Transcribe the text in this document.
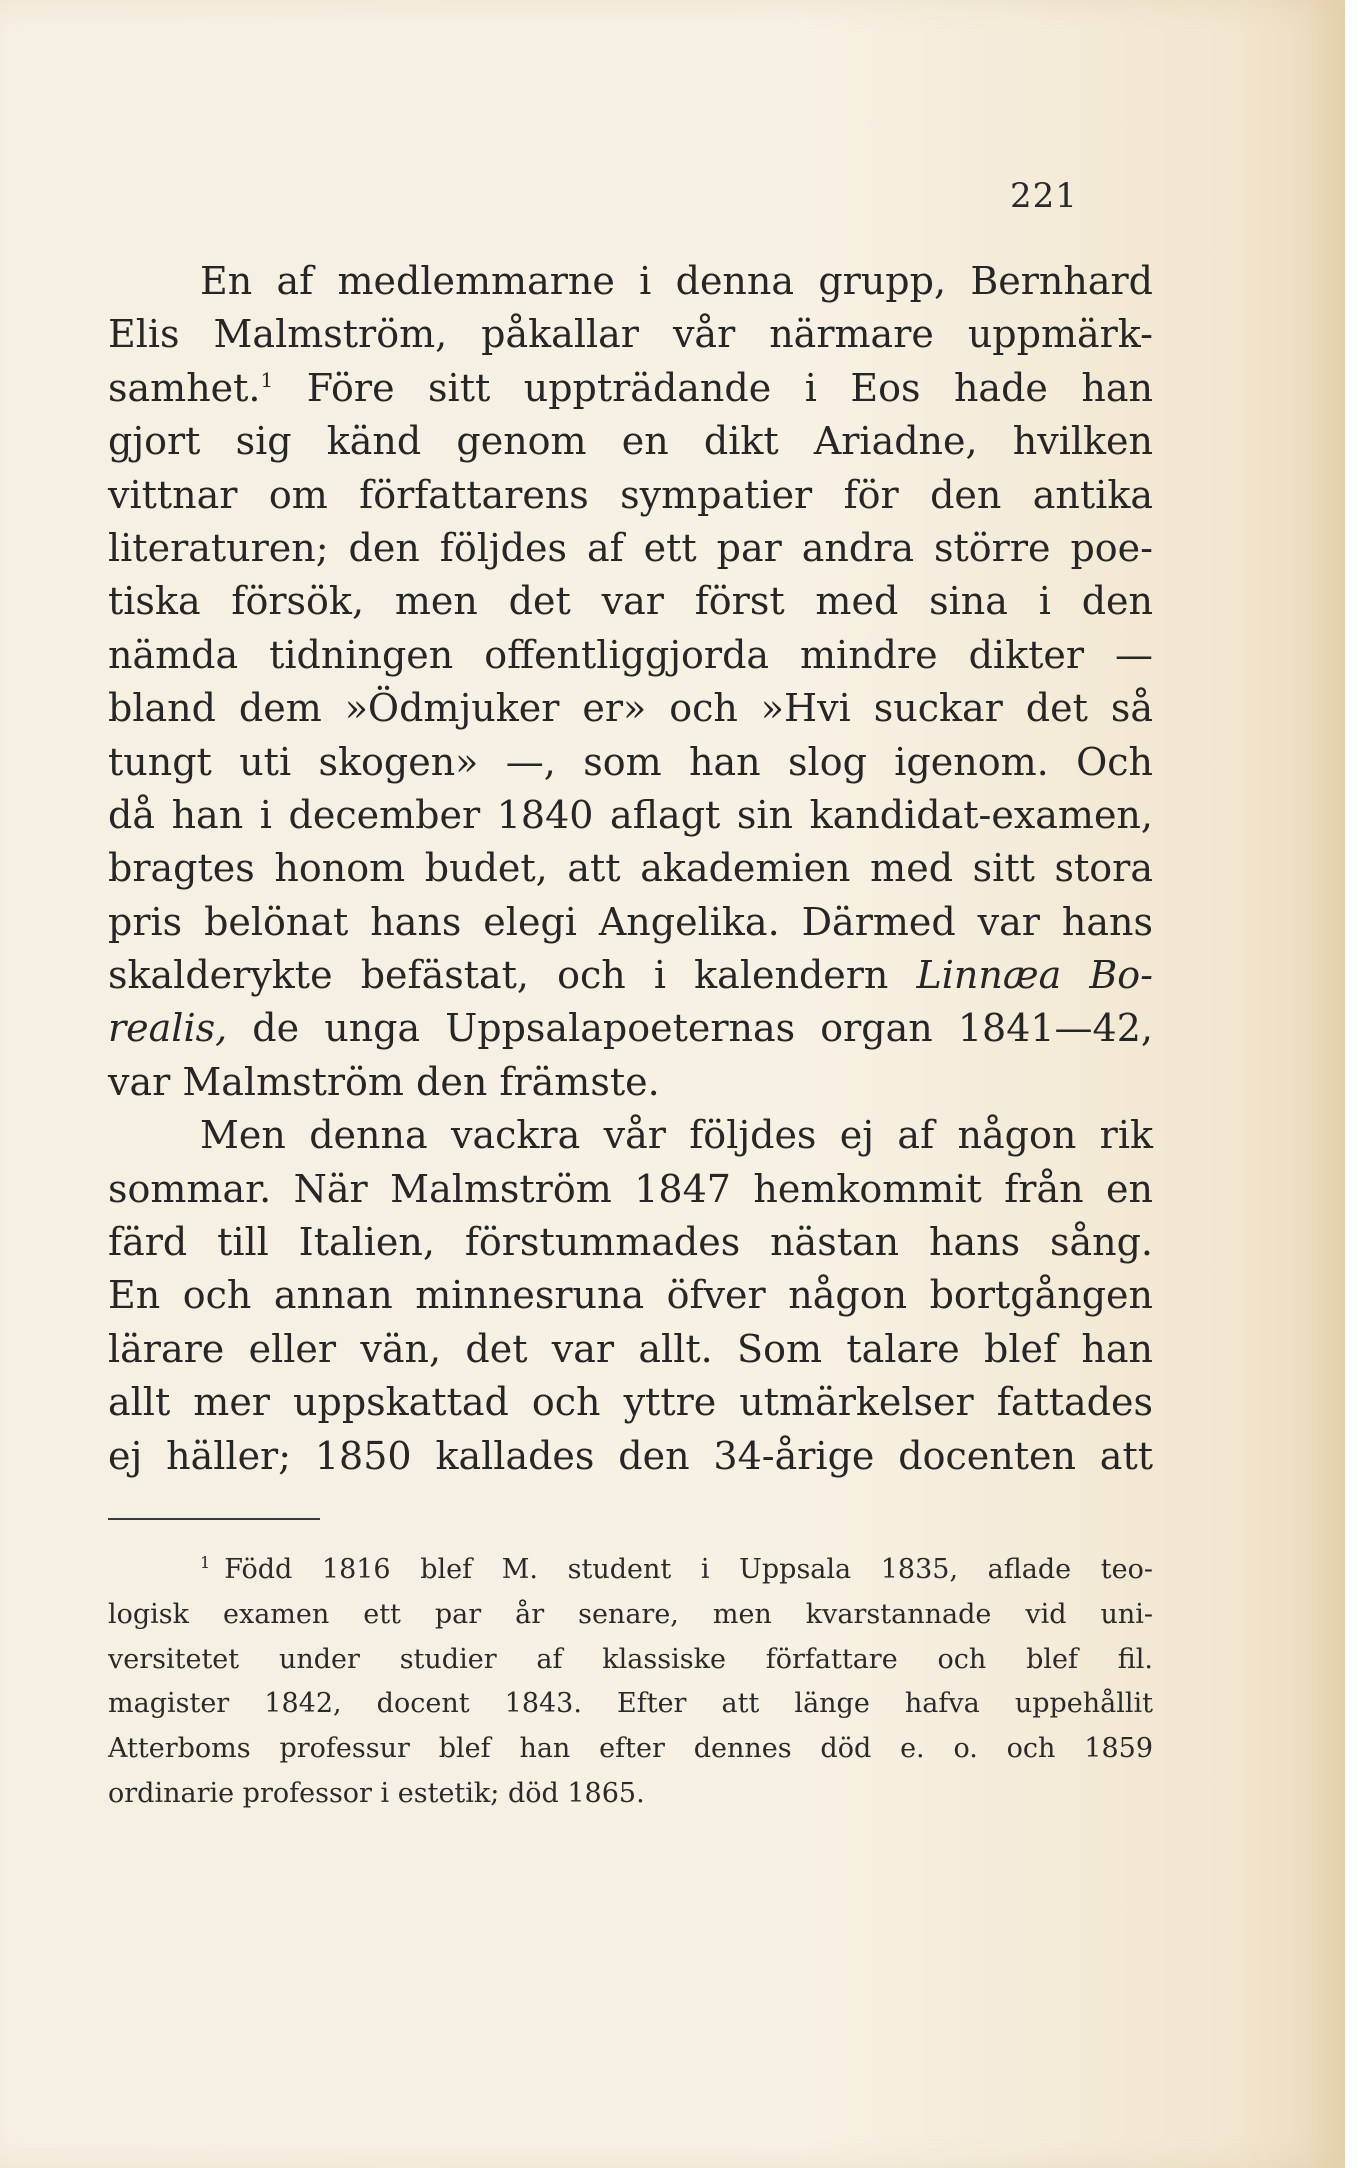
221
En af medlemmarne i denna grupp, Bernhard
Elis Malmström, påkallar vår närmare uppmärk-
samhet.$^1$ Före sitt uppträdande i Eos hade han
gjort sig känd genom en dikt Ariadne, hvilken
vittnar om författarens sympatier för den antika
literaturen; den följdes af ett par andra större poe-
tiska försök, men det var först med sina i den
nämda tidningen offentliggjorda mindre dikter —
bland dem »Ödmjuker er» och »Hvi suckar det så
tungt uti skogen» —, som han slog igenom. Och
då han i december 1840 aflagt sin kandidat-examen,
bragtes honom budet, att akademien med sitt stora
pris belönat hans elegi Angelika. Därmed var hans
skalderykte befästat, och i kalendern Linnæa Bo-
realis, de unga Uppsalapoeternas organ 1841—42,
var Malmström den främste.
Men denna vackra vår följdes ej af någon rik
sommar. När Malmström 1847 hemkommit från en
färd till Italien, förstummades nästan hans sång.
En och annan minnesruna öfver någon bortgången
lärare eller vän, det var allt. Som talare blef han
allt mer uppskattad och yttre utmärkelser fattades
ej häller; 1850 kallades den 34-årige docenten att
$^1$ Född 1816 blef M. student i Uppsala 1835, aflade teo-
logisk examen ett par år senare, men kvarstannade vid uni-
versitetet under studier af klassiske författare och blef fil.
magister 1842, docent 1843. Efter att länge hafva uppehållit
Atterboms professur blef han efter dennes död e. o. och 1859
ordinarie professor i estetik; död 1865.
